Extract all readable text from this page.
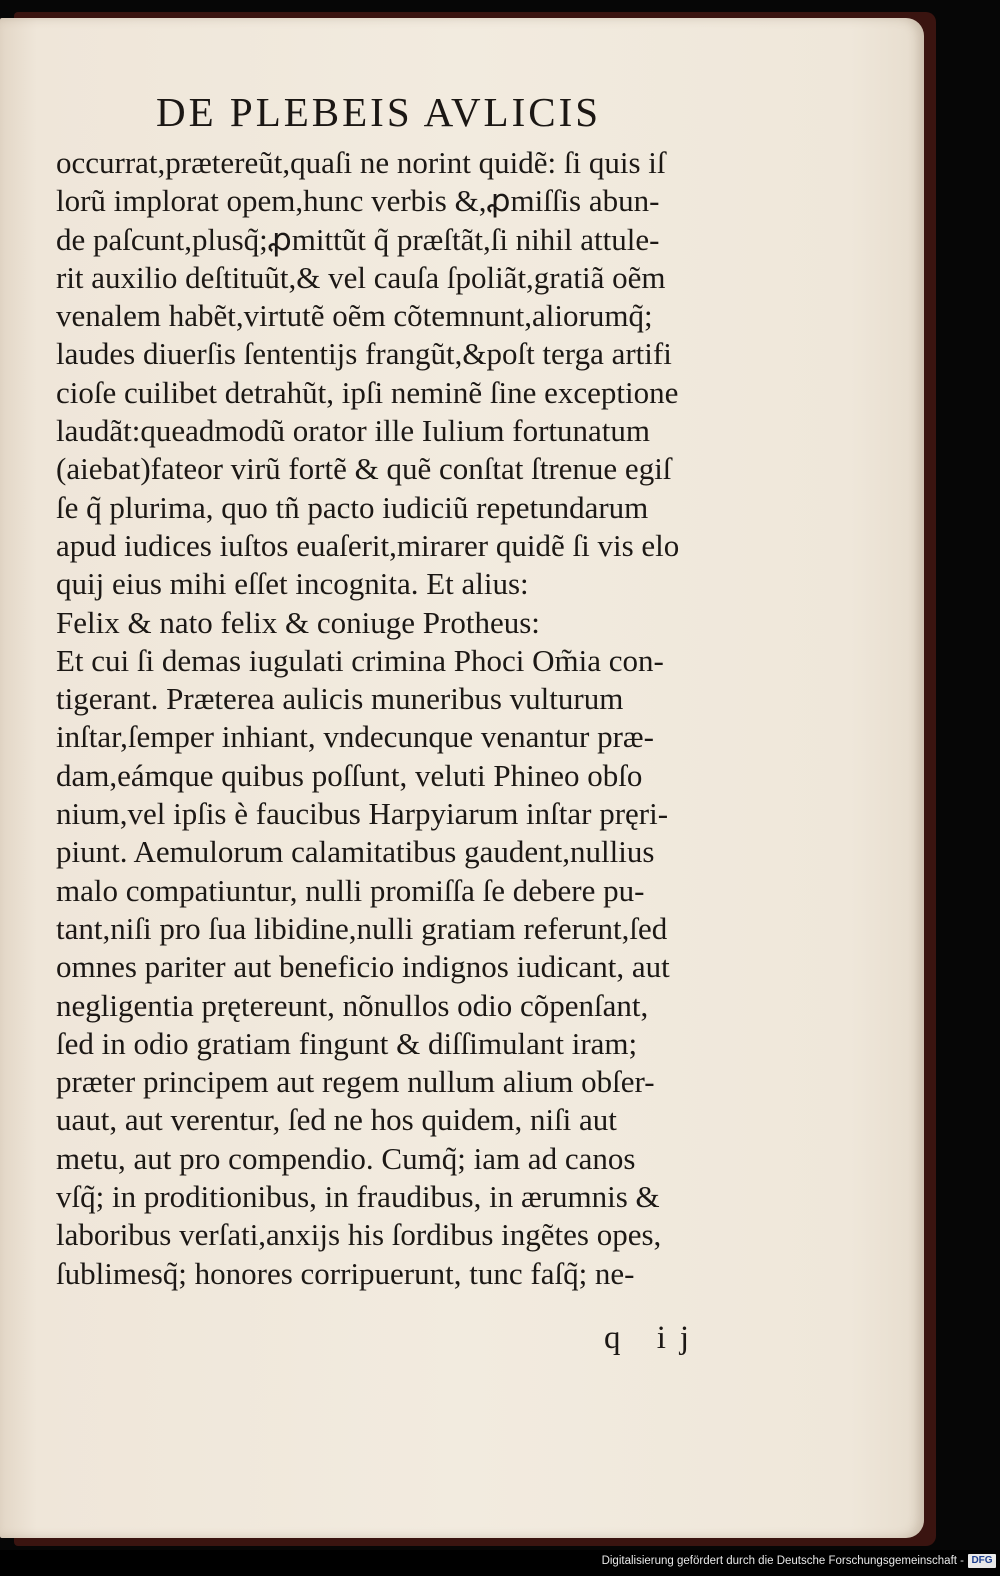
DE PLEBEIS AVLICIS
occurrat,prætereũt,quaſi ne norint quidẽ: ſi quis iſ
lorũ implorat opem,hunc verbis &,ꝓmiſſis abun-
de paſcunt,plusq̃;ꝓmittũt q̃ præſtãt,ſi nihil attule-
rit auxilio deſtituũt,& vel cauſa ſpoliãt,gratiã oẽm
venalem habẽt,virtutẽ oẽm cõtemnunt,aliorumq̃;
laudes diuerſis ſententijs frangũt,&poſt terga artifi
cioſe cuilibet detrahũt, ipſi neminẽ ſine exceptione
laudãt:queadmodũ orator ille Iulium fortunatum
(aiebat)fateor virũ fortẽ & quẽ conſtat ſtrenue egiſ
ſe q̃ plurima, quo tñ pacto iudiciũ repetundarum
apud iudices iuſtos euaſerit,mirarer quidẽ ſi vis elo
quij eius mihi eſſet incognita. Et alius:
Felix & nato felix & coniuge Protheus:
Et cui ſi demas iugulati crimina Phoci Om̃ia con-
tigerant. Præterea aulicis muneribus vulturum
inſtar,ſemper inhiant, vndecunque venantur præ-
dam,eámque quibus poſſunt, veluti Phineo obſo
nium,vel ipſis è faucibus Harpyiarum inſtar pręri-
piunt. Aemulorum calamitatibus gaudent,nullius
malo compatiuntur, nulli promiſſa ſe debere pu-
tant,niſi pro ſua libidine,nulli gratiam referunt,ſed
omnes pariter aut beneficio indignos iudicant, aut
negligentia prętereunt, nõnullos odio cõpenſant,
ſed in odio gratiam fingunt & diſſimulant iram;
præter principem aut regem nullum alium obſer-
uaut, aut verentur, ſed ne hos quidem, niſi aut
metu, aut pro compendio. Cumq̃; iam ad canos
vſq̃; in proditionibus, in fraudibus, in ærumnis &
laboribus verſati,anxijs his ſordibus ingẽtes opes,
ſublimesq̃; honores corripuerunt, tunc faſq̃; ne-
q ij
Digitalisierung gefördert durch die Deutsche Forschungsgemeinschaft - DFG
